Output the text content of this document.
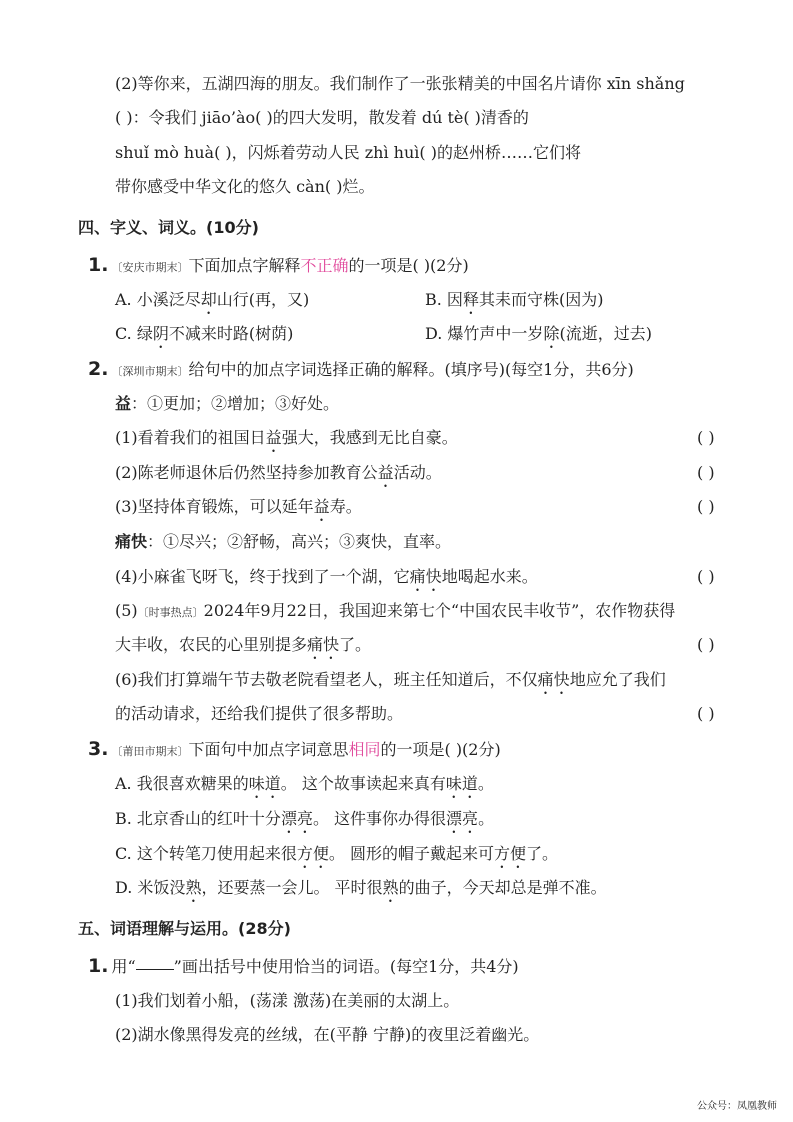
(2)等你来，五湖四海的朋友。我们制作了一张张精美的中国名片请你 xīn shǎng
( )：令我们 jiāo’ào( )的四大发明，散发着 dú tè( )清香的
shuǐ mò huà( )，闪烁着劳动人民 zhì huì( )的赵州桥……它们将
带你感受中华文化的悠久 càn( )烂。
四、字义、词义。(10分)
1. 〔安庆市期末〕下面加点字解释不正确的一项是( )(2分)
A. 小溪泛尽却山行(再，又)	B. 因释其耒而守株(因为)
C. 绿阴不减来时路(树荫)	D. 爆竹声中一岁除(流逝，过去)
2. 〔深圳市期末〕给句中的加点字词选择正确的解释。(填序号)(每空1分，共6分)
益：①更加；②增加；③好处。
(1)看着我们的祖国日益强大，我感到无比自豪。	( )
(2)陈老师退休后仍然坚持参加教育公益活动。	( )
(3)坚持体育锻炼，可以延年益寿。	( )
痛快：①尽兴；②舒畅，高兴；③爽快，直率。
(4)小麻雀飞呀飞，终于找到了一个湖，它痛快地喝起水来。	( )
(5)〔时事热点〕2024年9月22日，我国迎来第七个“中国农民丰收节”，农作物获得
大丰收，农民的心里别提多痛快了。	( )
(6)我们打算端午节去敬老院看望老人，班主任知道后，不仅痛快地应允了我们
的活动请求，还给我们提供了很多帮助。	( )
3. 〔莆田市期末〕下面句中加点字词意思相同的一项是( )(2分)
A. 我很喜欢糖果的味道。 这个故事读起来真有味道。
B. 北京香山的红叶十分漂亮。 这件事你办得很漂亮。
C. 这个转笔刀使用起来很方便。 圆形的帽子戴起来可方便了。
D. 米饭没熟，还要蒸一会儿。 平时很熟的曲子，今天却总是弹不准。
五、词语理解与运用。(28分)
1. 用“ ”画出括号中使用恰当的词语。(每空1分，共4分)
(1)我们划着小船，(荡漾 激荡)在美丽的太湖上。
(2)湖水像黑得发亮的丝绒，在(平静 宁静)的夜里泛着幽光。
公众号：凤凰教师
